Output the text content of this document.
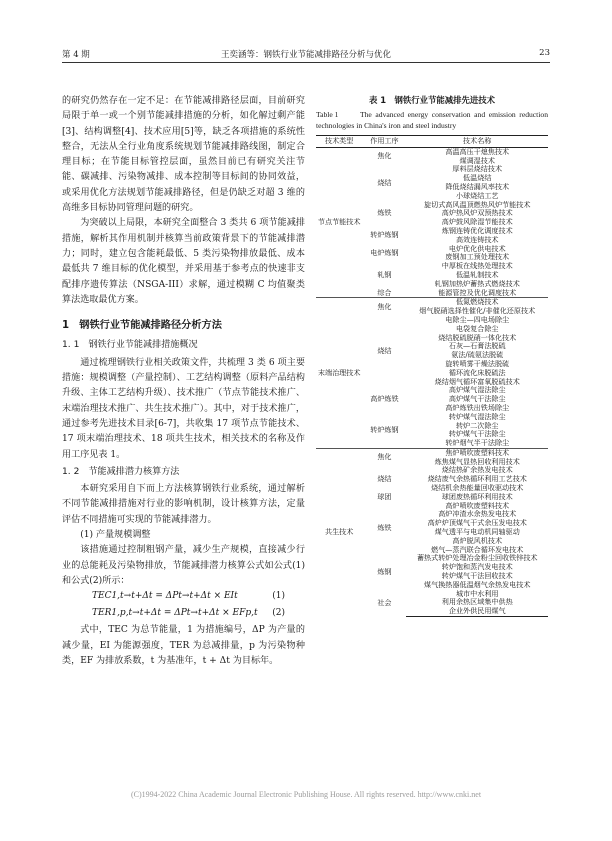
第 4 期	王奕涵等：钢铁行业节能减排路径分析与优化	23

的研究仍然存在一定不足：在节能减排路径层面，目前研究局限于单一或一个别节能减排措施的分析，如化解过剩产能[3]、结构调整[4]、技术应用[5]等，缺乏各项措施的系统性整合，无法从全行业角度系统规划节能减排路线图，制定合理目标；在节能目标管控层面，虽然目前已有研究关注节能、碳减排、污染物减排、成本控制等目标间的协同效益，或采用优化方法规划节能减排路径，但是仍缺乏对超 3 维的高维多目标协同管理问题的研究。

为突破以上局限，本研究全面整合 3 类共 6 项节能减排措施，解析其作用机制并核算当前政策背景下的节能减排潜力；同时，建立包含能耗最低、5 类污染物排放最低、成本最低共 7 维目标的优化模型，并采用基于参考点的快速非支配排序遗传算法（NSGA-III）求解，通过模糊 C 均值聚类算法选取最优方案。

1　钢铁行业节能减排路径分析方法
1. 1　钢铁行业节能减排措施概况

通过梳理钢铁行业相关政策文件，共梳理 3 类 6 项主要措施：规模调整（产量控制）、工艺结构调整（原料产品结构升级、主体工艺结构升级）、技术推广（节点节能技术推广、末端治理技术推广、共生技术推广）。其中，对于技术推广，通过参考先进技术目录[6-7]，共收集 17 项节点节能技术、17 项末端治理技术、18 项共生技术，相关技术的名称及作用工序见表 1。

1. 2　节能减排潜力核算方法

本研究采用自下而上方法核算钢铁行业系统，通过解析不同节能减排措施对行业的影响机制，设计核算方法，定量评估不同措施可实现的节能减排潜力。

(1) 产量规模调整

该措施通过控制粗钢产量，减少生产规模，直接减少行业的总能耗及污染物排放，节能减排潜力核算公式如公式(1)和公式(2)所示：

TEC1,t→t+Δt = ΔPt→t+Δt × EIt	(1)
TER1,p,t→t+Δt = ΔPt→t+Δt × EFp,t (2)

式中，TEC 为总节能量，1 为措施编号，ΔP 为产量的减少量，EI 为能源强度，TER 为总减排量，p 为污染物种类，EF 为排放系数，t 为基准年，t + Δt 为目标年。

表 1　钢铁行业节能减排先进技术
Table 1	The advanced energy conservation and emission reduction technologies in China's iron and steel industry
技术类型	作用工序	技术名称
节点节能技术	焦化	高温高压干熄焦技术
		煤调湿技术
	烧结	厚料层烧结技术
		低温烧结
		降低烧结漏风率技术
		小球烧结工艺
	炼铁	旋切式高风温顶燃热风炉节能技术
		高炉热风炉双预热技术
		高炉鼓风除湿节能技术
	转炉炼钢	炼钢连铸优化调度技术
		高效连铸技术
	电炉炼钢	电炉优化供电技术
		废钢加工预处理技术
	轧钢	中厚板在线热处理技术
		低温轧制技术
		轧钢加热炉蓄热式燃烧技术
	综合	能源管控及优化调度技术
末端治理技术	焦化	低氮燃烧技术
		烟气脱硝选择性催化/非催化还原技术
	烧结	电除尘—四电场除尘
		电袋复合除尘
		烧结脱硫脱硝一体化技术
		石灰—石膏法脱硫
		氨法/硫氨法脱硫
		旋转喷雾干燥法脱硫
		循环流化床脱硫法
		烧结烟气循环富氧脱硫技术
	高炉炼铁	高炉煤气湿法除尘
		高炉煤气干法除尘
		高炉炼铁出铁场除尘
	转炉炼钢	转炉煤气湿法除尘
		转炉二次除尘
		转炉煤气干法除尘
		转炉烟气半干法除尘
共生技术	焦化	焦炉喷吹废塑料技术
		炼焦煤气显热回收利用技术
	烧结	烧结热矿余热发电技术
		烧结废气余热循环利用工艺技术
		烧结机余热能量回收驱动技术
	球团	球团废热循环利用技术
	炼铁	高炉喷吹废塑料技术
		高炉冲渣水余热发电技术
		高炉炉顶煤气干式余压发电技术
		煤气透平与电动机同轴驱动
		高炉脱风机技术
		燃气—蒸汽联合循环发电技术
	炼钢	蓄热式转炉处理冶金粉尘回收铁锌技术
		转炉饱和蒸汽发电技术
		转炉煤气干法回收技术
		煤气换热器低温烟气余热发电技术
	社会	城市中水利用
		利用余热区域集中供热
		企业外供民用煤气
(C)1994-2022 China Academic Journal Electronic Publishing House. All rights reserved. http://www.cnki.net
